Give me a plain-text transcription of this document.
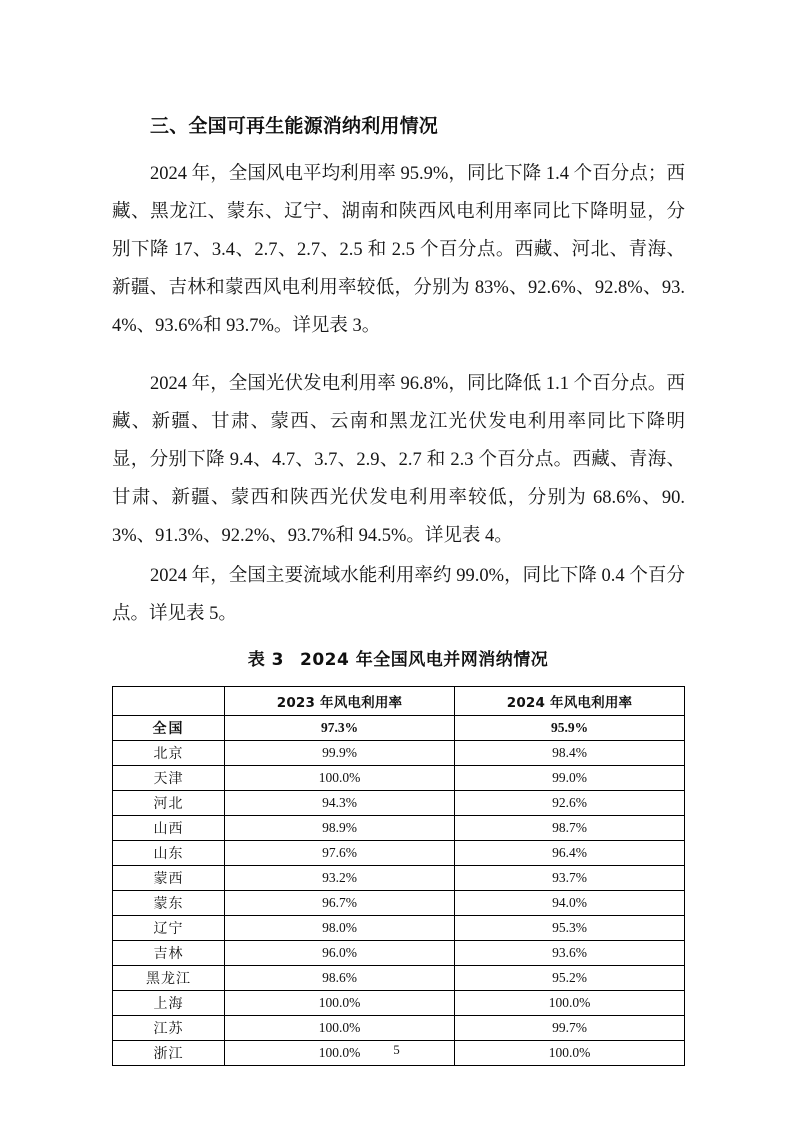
三、全国可再生能源消纳利用情况

2024 年，全国风电平均利用率 95.9%，同比下降 1.4 个百分点；西藏、黑龙江、蒙东、辽宁、湖南和陕西风电利用率同比下降明显，分别下降 17、3.4、2.7、2.7、2.5 和 2.5 个百分点。西藏、河北、青海、新疆、吉林和蒙西风电利用率较低，分别为 83%、92.6%、92.8%、93.4%、93.6%和 93.7%。详见表 3。

2024 年，全国光伏发电利用率 96.8%，同比降低 1.1 个百分点。西藏、新疆、甘肃、蒙西、云南和黑龙江光伏发电利用率同比下降明显，分别下降 9.4、4.7、3.7、2.9、2.7 和 2.3 个百分点。西藏、青海、甘肃、新疆、蒙西和陕西光伏发电利用率较低，分别为 68.6%、90.3%、91.3%、92.2%、93.7%和 94.5%。详见表 4。

2024 年，全国主要流域水能利用率约 99.0%，同比下降 0.4 个百分点。详见表 5。

表 3 2024 年全国风电并网消纳情况
	2023 年风电利用率	2024 年风电利用率
全国	97.3%	95.9%
北京	99.9%	98.4%
天津	100.0%	99.0%
河北	94.3%	92.6%
山西	98.9%	98.7%
山东	97.6%	96.4%
蒙西	93.2%	93.7%
蒙东	96.7%	94.0%
辽宁	98.0%	95.3%
吉林	96.0%	93.6%
黑龙江	98.6%	95.2%
上海	100.0%	100.0%
江苏	100.0%	99.7%
浙江	100.0%	100.0%
5
